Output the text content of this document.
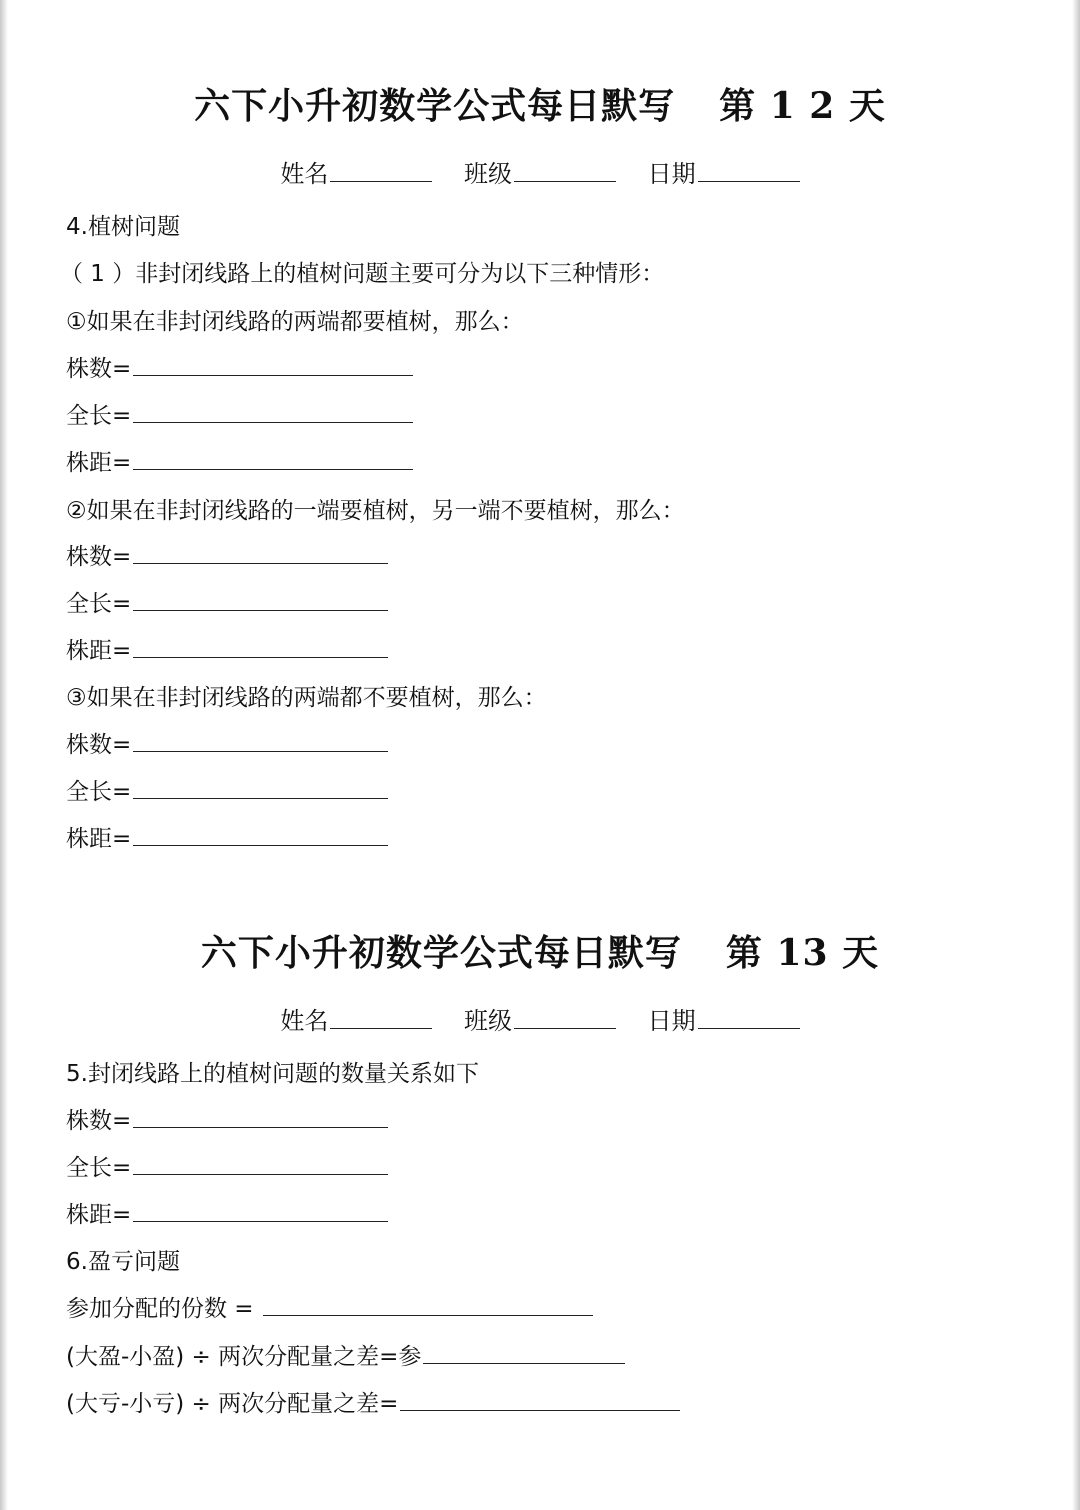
六下小升初数学公式每日默写 第 1 2 天
姓名	班级	日期
4.植树问题
（ 1 ）非封闭线路上的植树问题主要可分为以下三种情形：
①如果在非封闭线路的两端都要植树，那么：
株数=
全长=
株距=
②如果在非封闭线路的一端要植树，另一端不要植树，那么：
株数=
全长=
株距=
③如果在非封闭线路的两端都不要植树，那么：
株数=
全长=
株距=
六下小升初数学公式每日默写 第 13 天
姓名	班级	日期
5.封闭线路上的植树问题的数量关系如下
株数=
全长=
株距=
6.盈亏问题
参加分配的份数 =
(大盈-小盈) ÷ 两次分配量之差=参
(大亏-小亏) ÷ 两次分配量之差=
